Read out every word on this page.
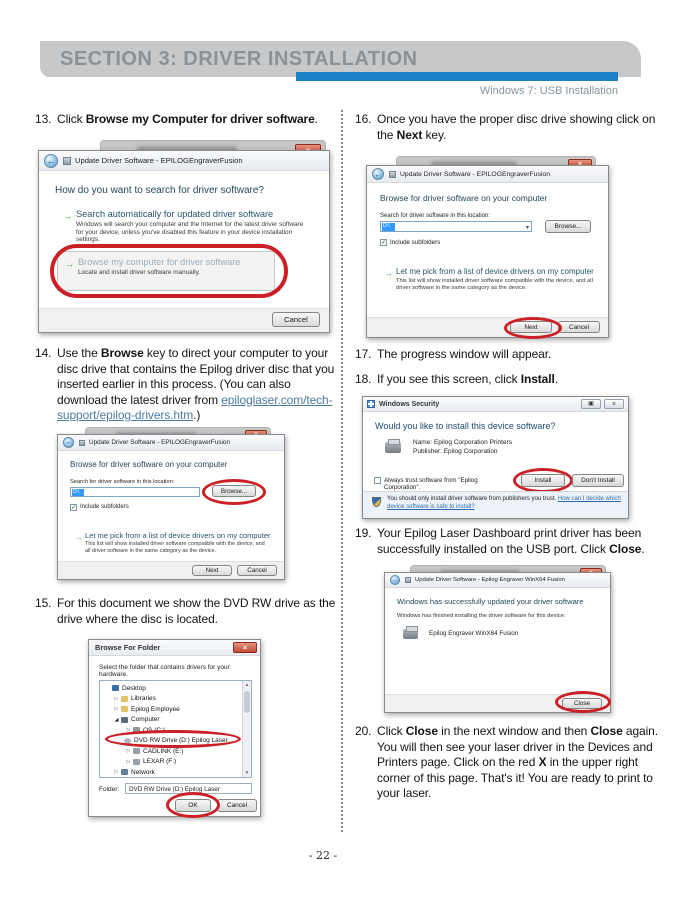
SECTION 3: DRIVER INSTALLATION
Windows 7: USB Installation
13. Click Browse my Computer for driver software.
14. Use the Browse key to direct your computer to your disc drive that contains the Epilog driver disc that you inserted earlier in this process. (You can also download the latest driver from epiloglaser.com/tech-support/epilog-drivers.htm.)
15. For this document we show the DVD RW drive as the drive where the disc is located.
16. Once you have the proper disc drive showing click on the Next key.
17. The progress window will appear.
18. If you see this screen, click Install.
19. Your Epilog Laser Dashboard print driver has been successfully installed on the USB port. Click Close.
20. Click Close in the next window and then Close again. You will then see your laser driver in the Devices and Printers page. Click on the red X in the upper right corner of this page. That's it! You are ready to print to your laser.
←	Update Driver Software - EPILOGEngraverFusion
How do you want to search for driver software?
→ Search automatically for updated driver software
Windows will search your computer and the Internet for the latest driver software for your device, unless you've disabled this feature in your device installation settings.
→ Browse my computer for driver software
Locate and install driver software manually.
Cancel
←	Update Driver Software - EPILOGEngraverFusion
Browse for driver software on your computer
Search for driver software in this location:
D:\	Browse...
✓ Include subfolders
→ Let me pick from a list of device drivers on my computer
This list will show installed driver software compatible with the device, and all driver software in the same category as the device.
Next	Cancel
Browse For Folder	×
Select the folder that contains drivers for your hardware.
Desktop
▷	Libraries
▷	Epilog Employee
◢	Computer
▷	OS (C:)
DVD RW Drive (D:) Epilog Laser
▷	CADLINK (E:)
▷	LEXAR (F:)
▷	Network
▲
▼
Folder: DVD RW Drive (D:) Epilog Laser
OK	Cancel
←	Update Driver Software - EPILOGEngraverFusion
Browse for driver software on your computer
Search for driver software in this location:
D:\	▾	Browse...
✓ Include subfolders
→ Let me pick from a list of device drivers on my computer
This list will show installed driver software compatible with the device, and all driver software in the same category as the device.
Next	Cancel
Windows Security	▣	×
Would you like to install this device software?
Name: Epilog Corporation Printers
Publisher: Epilog Corporation
Always trust software from "Epilog Corporation".
Install	Don't Install
You should only install driver software from publishers you trust. How can I decide which device software is safe to install?
←	Update Driver Software - Epilog Engraver WinX64 Fusion
Windows has successfully updated your driver software
Windows has finished installing the driver software for this device:
Epilog Engraver WinX64 Fusion
Close
- 22 -
